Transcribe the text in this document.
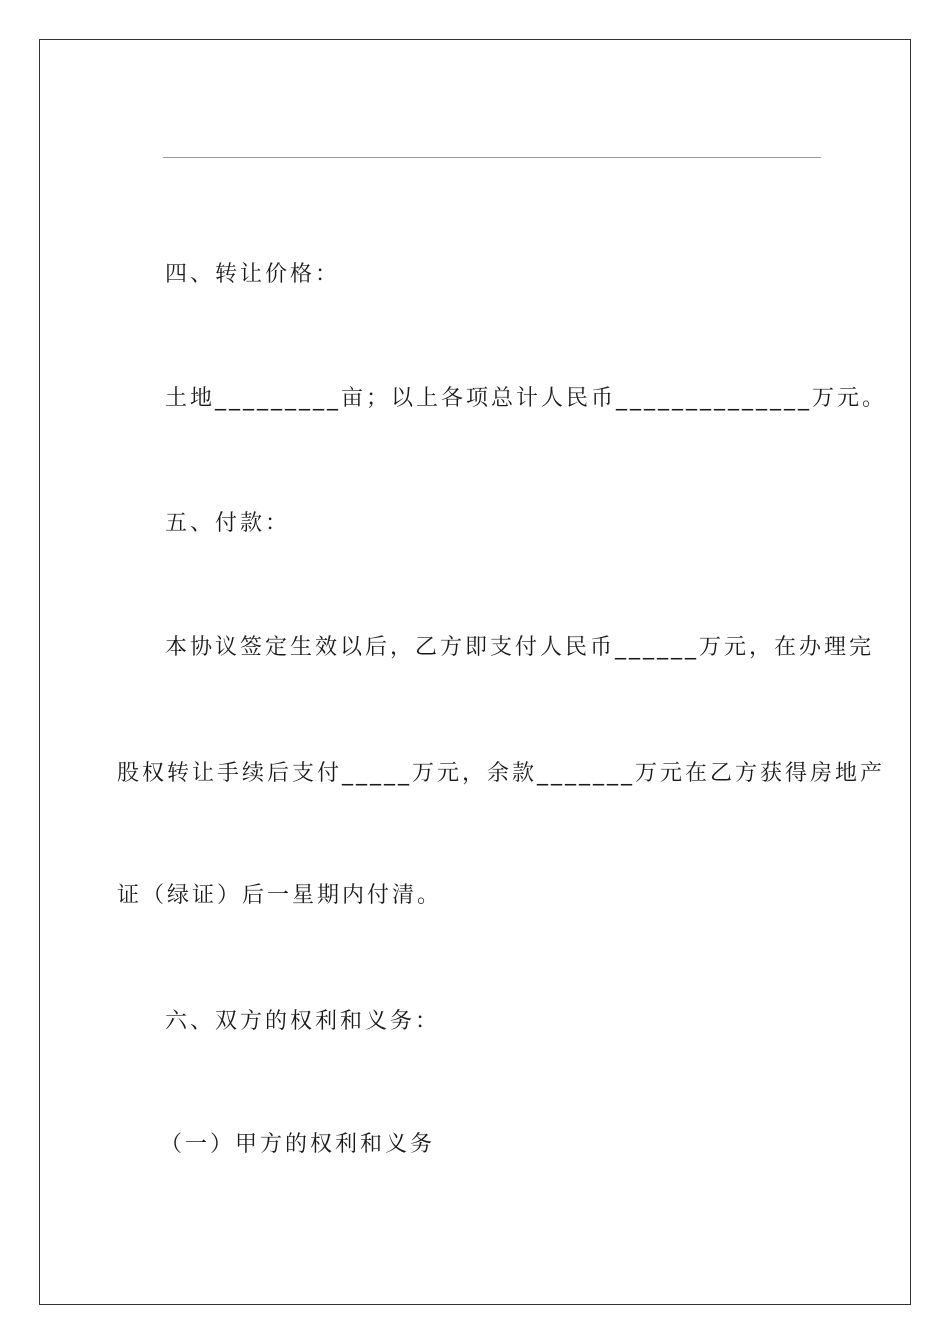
四、转让价格：
土地_________亩；以上各项总计人民币______________万元。
五、付款：
本协议签定生效以后，乙方即支付人民币______万元，在办理完
股权转让手续后支付_____万元，余款_______万元在乙方获得房地产
证（绿证）后一星期内付清。
六、双方的权利和义务：
（一）甲方的权利和义务
